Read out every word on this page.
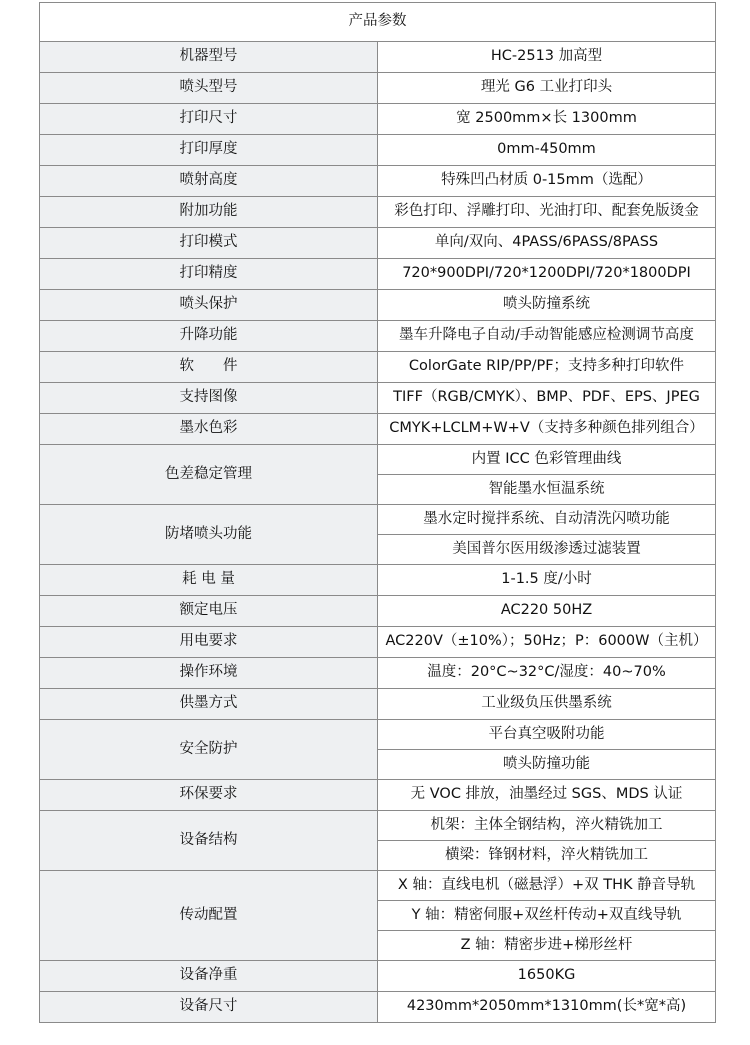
产品参数	
机器型号	HC-2513 加高型
喷头型号	理光 G6 工业打印头
打印尺寸	宽 2500mm×长 1300mm
打印厚度	0mm-450mm
喷射高度	特殊凹凸材质 0-15mm（选配）
附加功能	彩色打印、浮雕打印、光油打印、配套免版烫金
打印模式	单向/双向、4PASS/6PASS/8PASS
打印精度	720*900DPI/720*1200DPI/720*1800DPI
喷头保护	喷头防撞系统
升降功能	墨车升降电子自动/手动智能感应检测调节高度
软　　件	ColorGate RIP/PP/PF；支持多种打印软件
支持图像	TIFF（RGB/CMYK）、BMP、PDF、EPS、JPEG
墨水色彩	CMYK+LCLM+W+V（支持多种颜色排列组合）
色差稳定管理	内置 ICC 色彩管理曲线
	智能墨水恒温系统
防堵喷头功能	墨水定时搅拌系统、自动清洗闪喷功能
	美国普尔医用级渗透过滤装置
耗 电 量	1-1.5 度/小时
额定电压	AC220 50HZ
用电要求	AC220V（±10%）；50Hz；P：6000W（主机）
操作环境	温度：20°C~32°C/湿度：40~70%
供墨方式	工业级负压供墨系统
安全防护	平台真空吸附功能
	喷头防撞功能
环保要求	无 VOC 排放，油墨经过 SGS、MDS 认证
设备结构	机架：主体全钢结构，淬火精铣加工
	横梁：锋钢材料，淬火精铣加工
传动配置	X 轴：直线电机（磁悬浮）+双 THK 静音导轨
	Y 轴：精密伺服+双丝杆传动+双直线导轨
	Z 轴：精密步进+梯形丝杆
设备净重	1650KG
设备尺寸	4230mm*2050mm*1310mm(长*宽*高)
